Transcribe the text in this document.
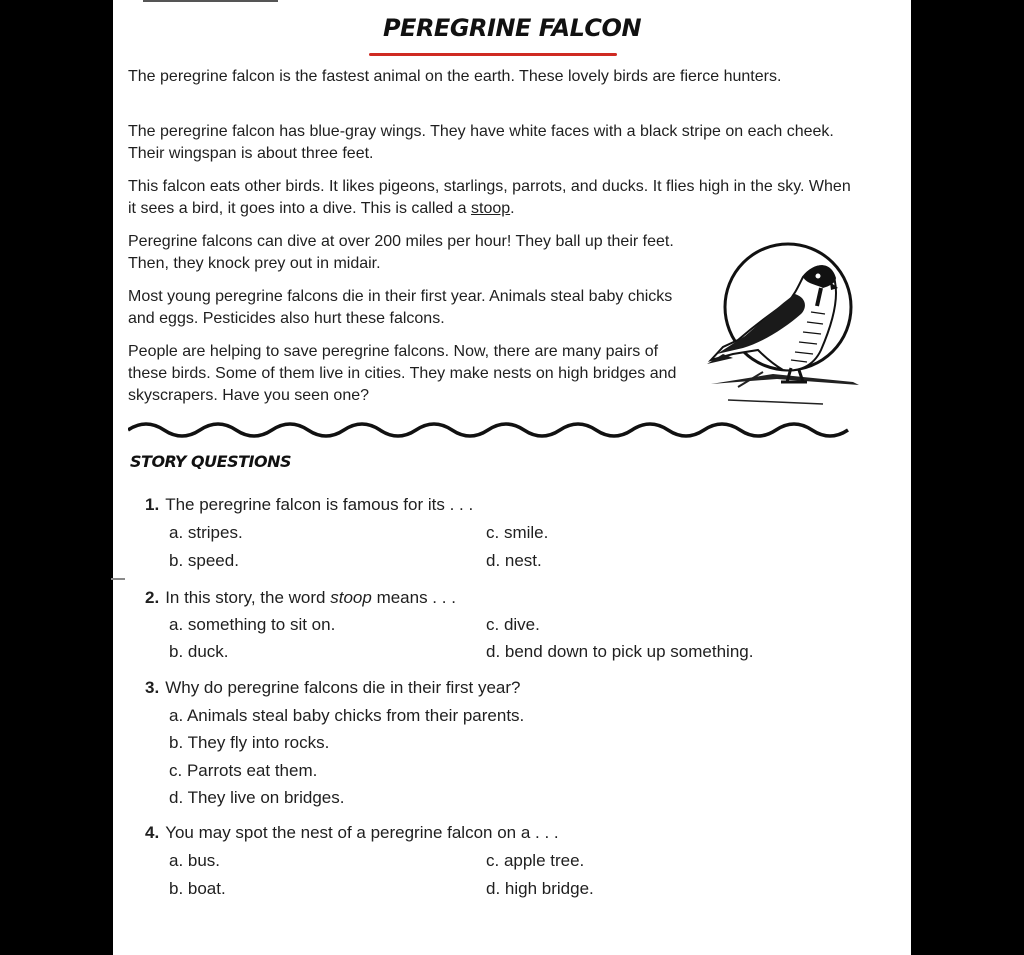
PEREGRINE FALCON

The peregrine falcon is the fastest animal on the earth. These lovely birds are fierce hunters.

The peregrine falcon has blue-gray wings. They have white faces with a black stripe on each cheek. Their wingspan is about three feet.

This falcon eats other birds. It likes pigeons, starlings, parrots, and ducks. It flies high in the sky. When it sees a bird, it goes into a dive. This is called a stoop.

Peregrine falcons can dive at over 200 miles per hour! They ball up their feet. Then, they knock prey out in midair.

Most young peregrine falcons die in their first year. Animals steal baby chicks and eggs. Pesticides also hurt these falcons.

People are helping to save peregrine falcons. Now, there are many pairs of these birds. Some of them live in cities. They make nests on high bridges and skyscrapers. Have you seen one?

STORY QUESTIONS
1. The peregrine falcon is famous for its . . .
a. stripes.	c. smile.
b. speed.	d. nest.
2. In this story, the word stoop means . . .
a. something to sit on.	c. dive.
b. duck.	d. bend down to pick up something.
3. Why do peregrine falcons die in their first year?
a. Animals steal baby chicks from their parents.
b. They fly into rocks.
c. Parrots eat them.
d. They live on bridges.
4. You may spot the nest of a peregrine falcon on a . . .
a. bus.	c. apple tree.
b. boat.	d. high bridge.
